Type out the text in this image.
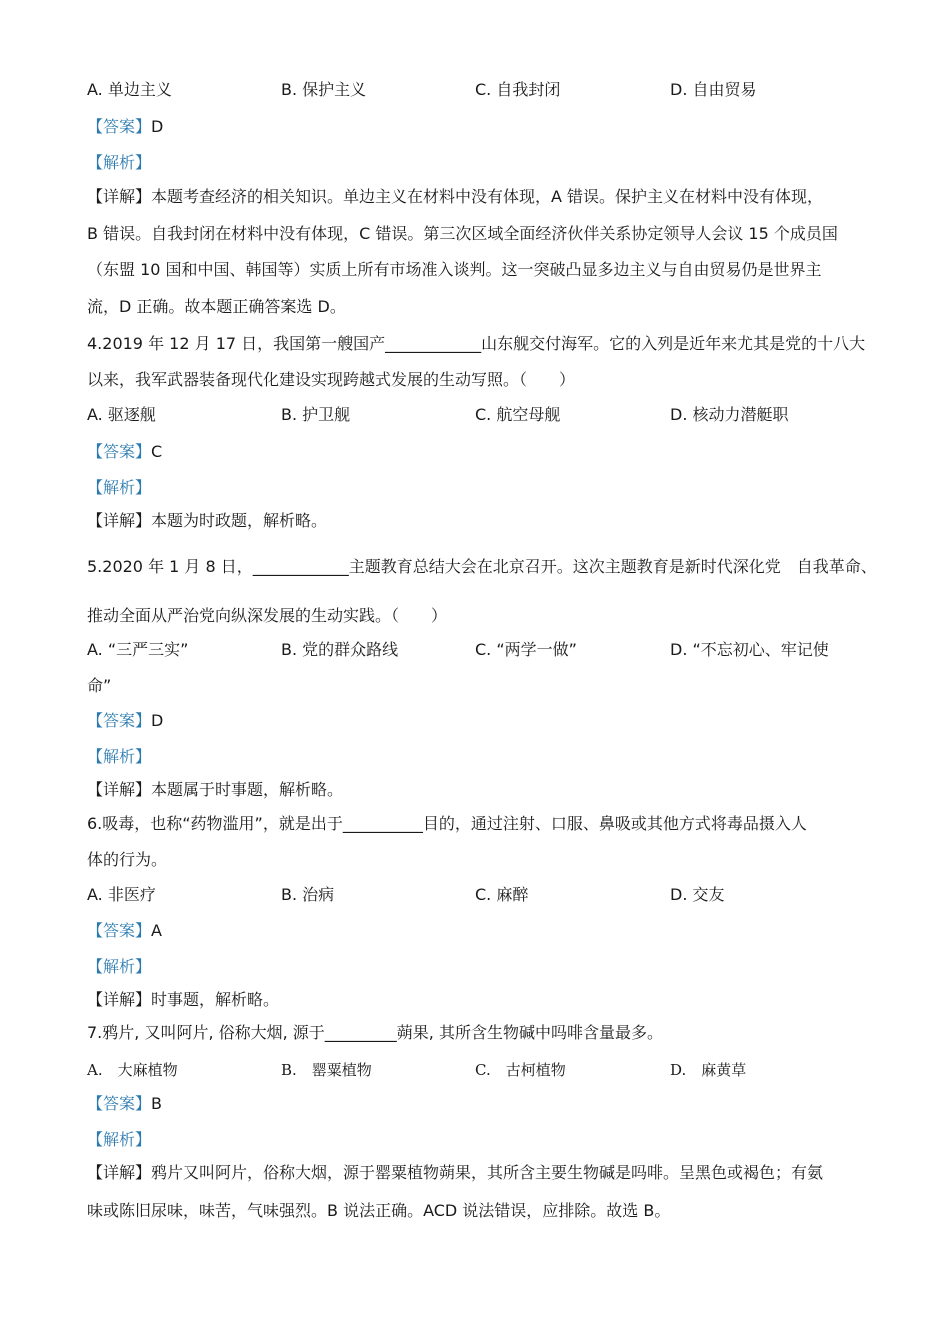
A. 单边主义	B. 保护主义	C. 自我封闭	D. 自由贸易
【答案】D
【解析】
【详解】本题考查经济的相关知识。单边主义在材料中没有体现，A 错误。保护主义在材料中没有体现，
B 错误。自我封闭在材料中没有体现，C 错误。第三次区域全面经济伙伴关系协定领导人会议 15 个成员国
（东盟 10 国和中国、韩国等）实质上所有市场准入谈判。这一突破凸显多边主义与自由贸易仍是世界主
流，D 正确。故本题正确答案选 D。
4.2019 年 12 月 17 日，我国第一艘国产____________山东舰交付海军。它的入列是近年来尤其是党的十八大
以来，我军武器装备现代化建设实现跨越式发展的生动写照。（　　）
A. 驱逐舰	B. 护卫舰	C. 航空母舰	D. 核动力潜艇职
【答案】C
【解析】
【详解】本题为时政题，解析略。
5.2020 年 1 月 8 日，____________主题教育总结大会在北京召开。这次主题教育是新时代深化党　自我革命、
推动全面从严治党向纵深发展的生动实践。（　　）
A. “三严三实”	B. 党的群众路线	C. “两学一做”	D. “不忘初心、牢记使
命”
【答案】D
【解析】
【详解】本题属于时事题，解析略。
6.吸毒，也称“药物滥用”，就是出于__________目的，通过注射、口服、鼻吸或其他方式将毒品摄入人
体的行为。
A. 非医疗	B. 治病	C. 麻醉	D. 交友
【答案】A
【解析】
【详解】时事题，解析略。
7.鸦片, 又叫阿片, 俗称大烟, 源于_________蒴果, 其所含生物碱中吗啡含量最多。
A.　大麻植物	B.　罂粟植物	C.　古柯植物	D.　麻黄草
【答案】B
【解析】
【详解】鸦片又叫阿片，俗称大烟，源于罂粟植物蒴果，其所含主要生物碱是吗啡。呈黑色或褐色；有氨
味或陈旧尿味，味苦，气味强烈。B 说法正确。ACD 说法错误，应排除。故选 B。
